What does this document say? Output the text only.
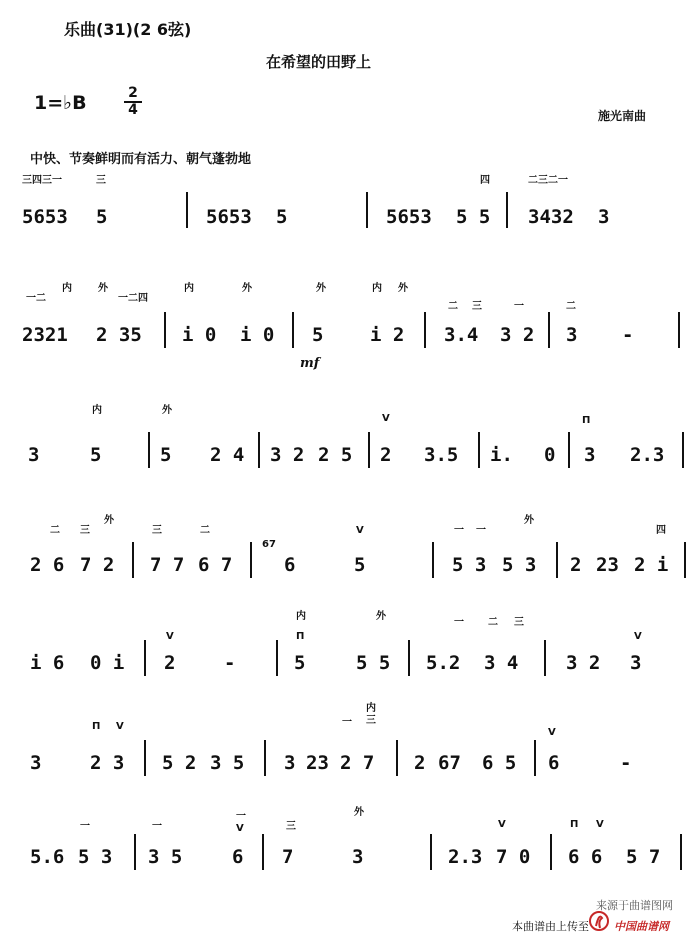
乐曲(31)(2 6弦)
在希望的田野上
1=♭B	2
4	施光南曲
中快、节奏鲜明而有活力、朝气蓬勃地
三四三一	三	四	二三二一
5653 5	5653 5	5653 5 5 3432 3
一二
内	外
一二四
内	外	外	内 外
二 三	一	二
2321 2 35 i 0 i 0 5 i 2 3.4 3 2 3 -
mf
内	外
V	Π
3	5	5 2 4 3 2 2 5 2 3.5 i. 0 3 2.3
二 三
外
三	二
67
V	一 一
外
四
2 6 7 2 7 7 6 7	6	5	5 3 5 3 2 23 2 i
V
内
Π
外
一 二 三
V
i 6 0 i 2	-	5	5 5 5.2 3 4	3 2 3
Π V	一
内
三
V
3	2 3 5 2 3 5 3 23 2 7 2 67 6 5 6	-
一	一
一
V	三
外
V	Π V
5.6 5 3 3 5	6 7	3	2.3 7 0 6 6 5 7
来源于曲谱图网
本曲谱由上传至 中国曲谱网
